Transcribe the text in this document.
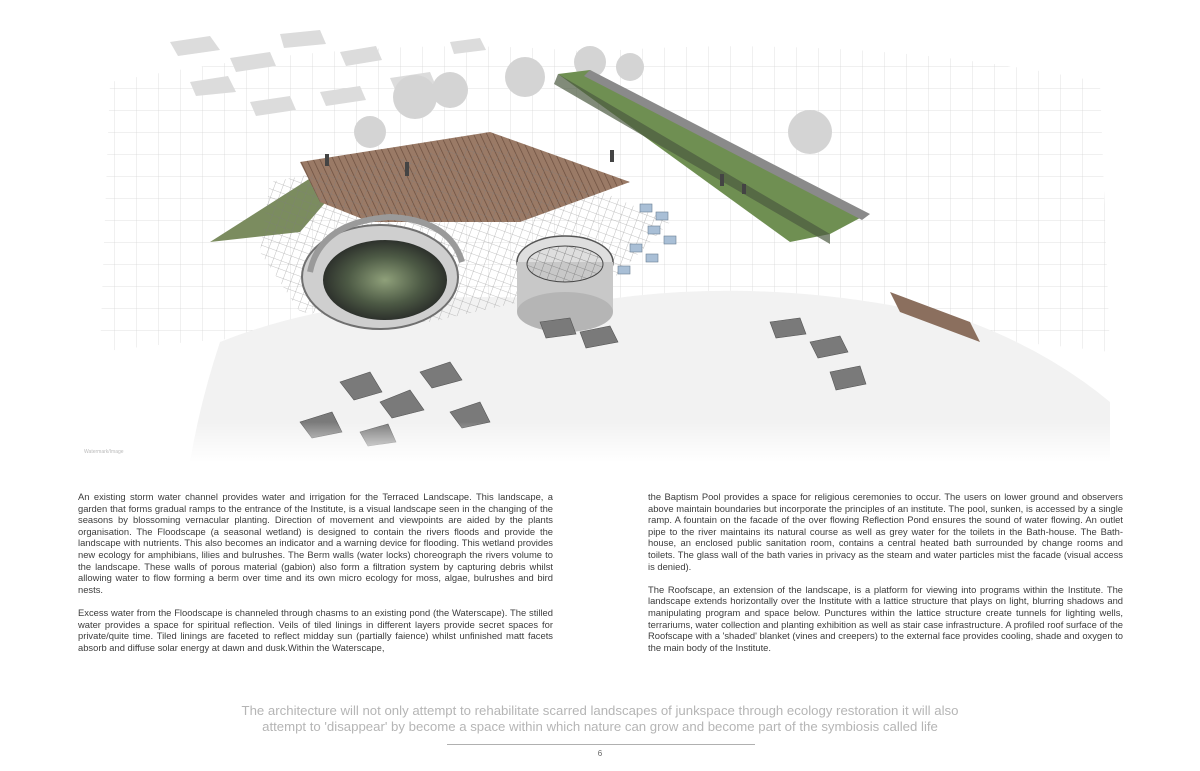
Watermark/Image

An existing storm water channel provides water and irrigation for the Terraced Landscape. This landscape, a garden that forms gradual ramps to the entrance of the Institute, is a visual landscape seen in the changing of the seasons by blossoming vernacular planting. Direction of movement and viewpoints are aided by the plants organisation. The Floodscape (a seasonal wetland) is designed to contain the rivers floods and provide the landscape with nutrients. This also becomes an indicator and a warning device for flooding. This wetland provides new ecology for amphibians, lilies and bulrushes. The Berm walls (water locks) choreograph the rivers volume to the landscape. These walls of porous material (gabion) also form a filtration system by capturing debris whilst allowing water to flow forming a berm over time and its own micro ecology for moss, algae, bulrushes and bird nests.

Excess water from the Floodscape is channeled through chasms to an existing pond (the Waterscape). The stilled water provides a space for spiritual reflection. Veils of tiled linings in different layers provide secret spaces for private/quite time. Tiled linings are faceted to reflect midday sun (partially faience) whilst unfinished matt facets absorb and diffuse solar energy at dawn and dusk.Within the Waterscape,

the Baptism Pool provides a space for religious ceremonies to occur. The users on lower ground and observers above maintain boundaries but incorporate the principles of an institute. The pool, sunken, is accessed by a single ramp. A fountain on the facade of the over flowing Reflection Pond ensures the sound of water flowing. An outlet pipe to the river maintains its natural course as well as grey water for the toilets in the Bath-house. The Bath-house, an enclosed public sanitation room, contains a central heated bath surrounded by change rooms and toilets. The glass wall of the bath varies in privacy as the steam and water particles mist the facade (visual access is denied).

The Roofscape, an extension of the landscape, is a platform for viewing into programs within the Institute. The landscape extends horizontally over the Institute with a lattice structure that plays on light, blurring shadows and manipulating program and space below. Punctures within the lattice structure create tunnels for lighting wells, terrariums, water collection and planting exhibition as well as stair case infrastructure. A profiled roof surface of the Roofscape with a 'shaded' blanket (vines and creepers) to the external face provides cooling, shade and oxygen to the main body of the Institute.

The architecture will not only attempt to rehabilitate scarred landscapes of junkspace through ecology restoration it will also
attempt to 'disappear' by become a space within which nature can grow and become part of the symbiosis called life
6
